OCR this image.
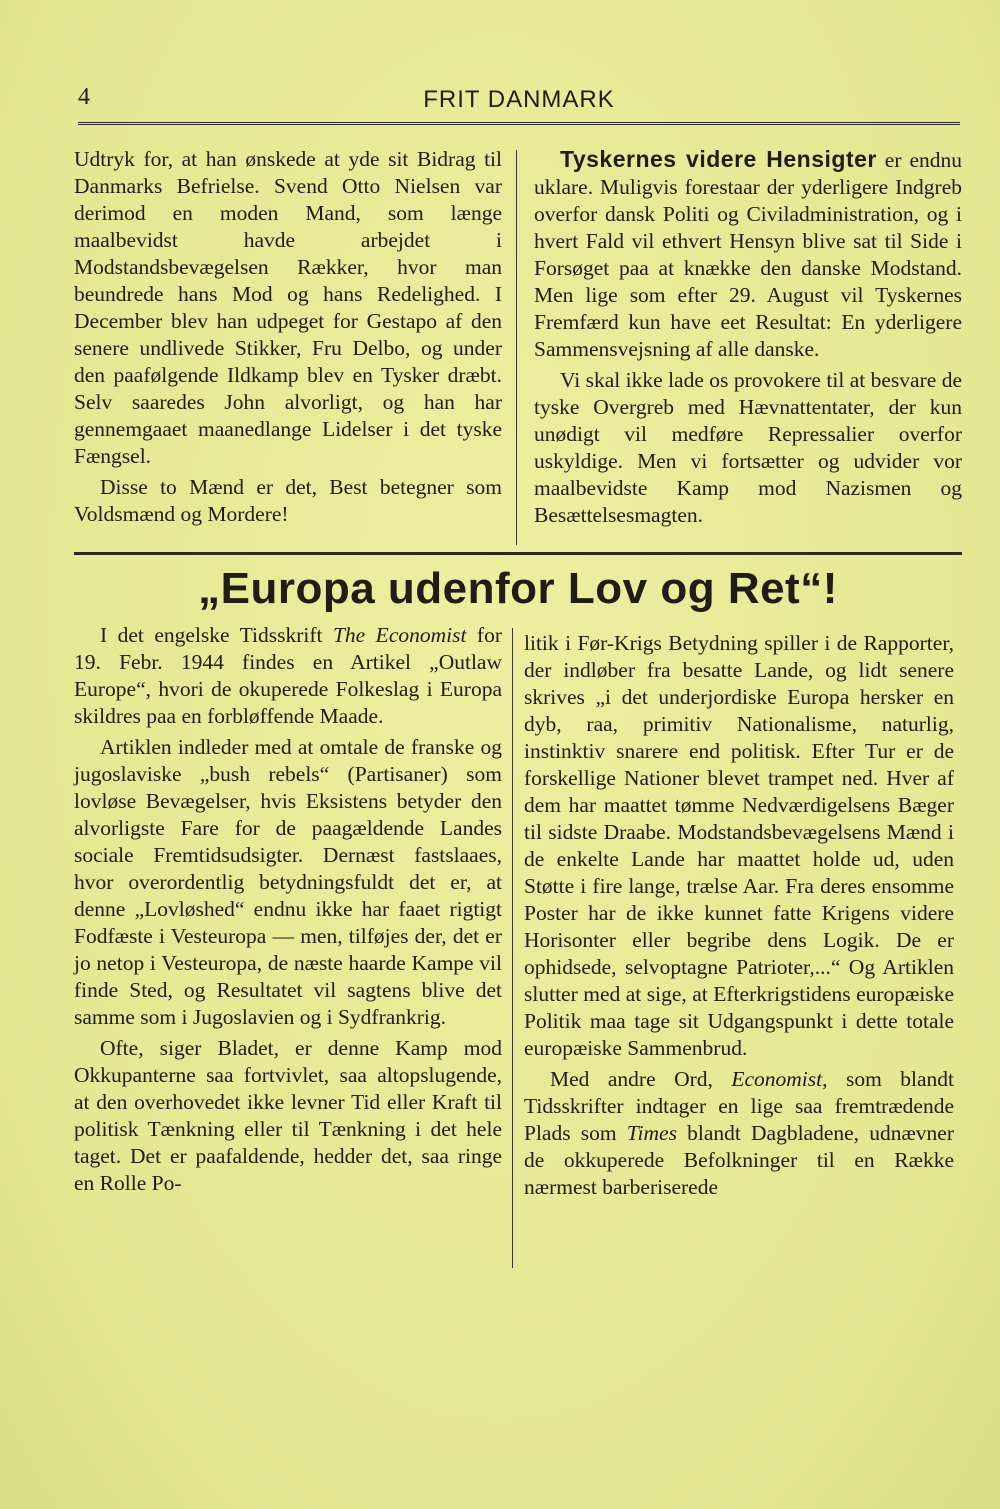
4	FRIT DANMARK

Udtryk for, at han ønskede at yde sit Bidrag til Danmarks Befrielse. Svend Otto Nielsen var derimod en moden Mand, som længe maalbevidst havde arbejdet i Modstandsbevægelsen Rækker, hvor man beundrede hans Mod og hans Redelighed. I December blev han udpeget for Gestapo af den senere undlivede Stikker, Fru Delbo, og under den paafølgende Ildkamp blev en Tysker dræbt. Selv saaredes John alvorligt, og han har gennemgaaet maanedlange Lidelser i det tyske Fængsel.

Disse to Mænd er det, Best betegner som Voldsmænd og Mordere!

Tyskernes videre Hensigter er endnu uklare. Muligvis forestaar der yderligere Indgreb overfor dansk Politi og Civiladministration, og i hvert Fald vil ethvert Hensyn blive sat til Side i Forsøget paa at knække den danske Modstand. Men lige som efter 29. August vil Tyskernes Fremfærd kun have eet Resultat: En yderligere Sammensvejsning af alle danske.

Vi skal ikke lade os provokere til at besvare de tyske Overgreb med Hævnattentater, der kun unødigt vil medføre Repressalier overfor uskyldige. Men vi fortsætter og udvider vor maalbevidste Kamp mod Nazismen og Besættelsesmagten.

„Europa udenfor Lov og Ret“!

I det engelske Tidsskrift The Economist for 19. Febr. 1944 findes en Artikel „Outlaw Europe“, hvori de okuperede Folkeslag i Europa skildres paa en forbløffende Maade.

Artiklen indleder med at omtale de franske og jugoslaviske „bush rebels“ (Partisaner) som lovløse Bevægelser, hvis Eksistens betyder den alvorligste Fare for de paagældende Landes sociale Fremtidsudsigter. Dernæst fastslaaes, hvor overordentlig betydningsfuldt det er, at denne „Lovløshed“ endnu ikke har faaet rigtigt Fodfæste i Vesteuropa — men, tilføjes der, det er jo netop i Vesteuropa, de næste haarde Kampe vil finde Sted, og Resultatet vil sagtens blive det samme som i Jugoslavien og i Sydfrankrig.

Ofte, siger Bladet, er denne Kamp mod Okkupanterne saa fortvivlet, saa altopslugende, at den overhovedet ikke levner Tid eller Kraft til politisk Tænkning eller til Tænkning i det hele taget. Det er paafaldende, hedder det, saa ringe en Rolle Po-

litik i Før-Krigs Betydning spiller i de Rapporter, der indløber fra besatte Lande, og lidt senere skrives „i det underjordiske Europa hersker en dyb, raa, primitiv Nationalisme, naturlig, instinktiv snarere end politisk. Efter Tur er de forskellige Nationer blevet trampet ned. Hver af dem har maattet tømme Nedværdigelsens Bæger til sidste Draabe. Modstandsbevægelsens Mænd i de enkelte Lande har maattet holde ud, uden Støtte i fire lange, trælse Aar. Fra deres ensomme Poster har de ikke kunnet fatte Krigens videre Horisonter eller begribe dens Logik. De er ophidsede, selvoptagne Patrioter,...“ Og Artiklen slutter med at sige, at Efterkrigstidens europæiske Politik maa tage sit Udgangspunkt i dette totale europæiske Sammenbrud.

Med andre Ord, Economist, som blandt Tidsskrifter indtager en lige saa fremtrædende Plads som Times blandt Dagbladene, udnævner de okkuperede Befolkninger til en Række nærmest barberiserede
